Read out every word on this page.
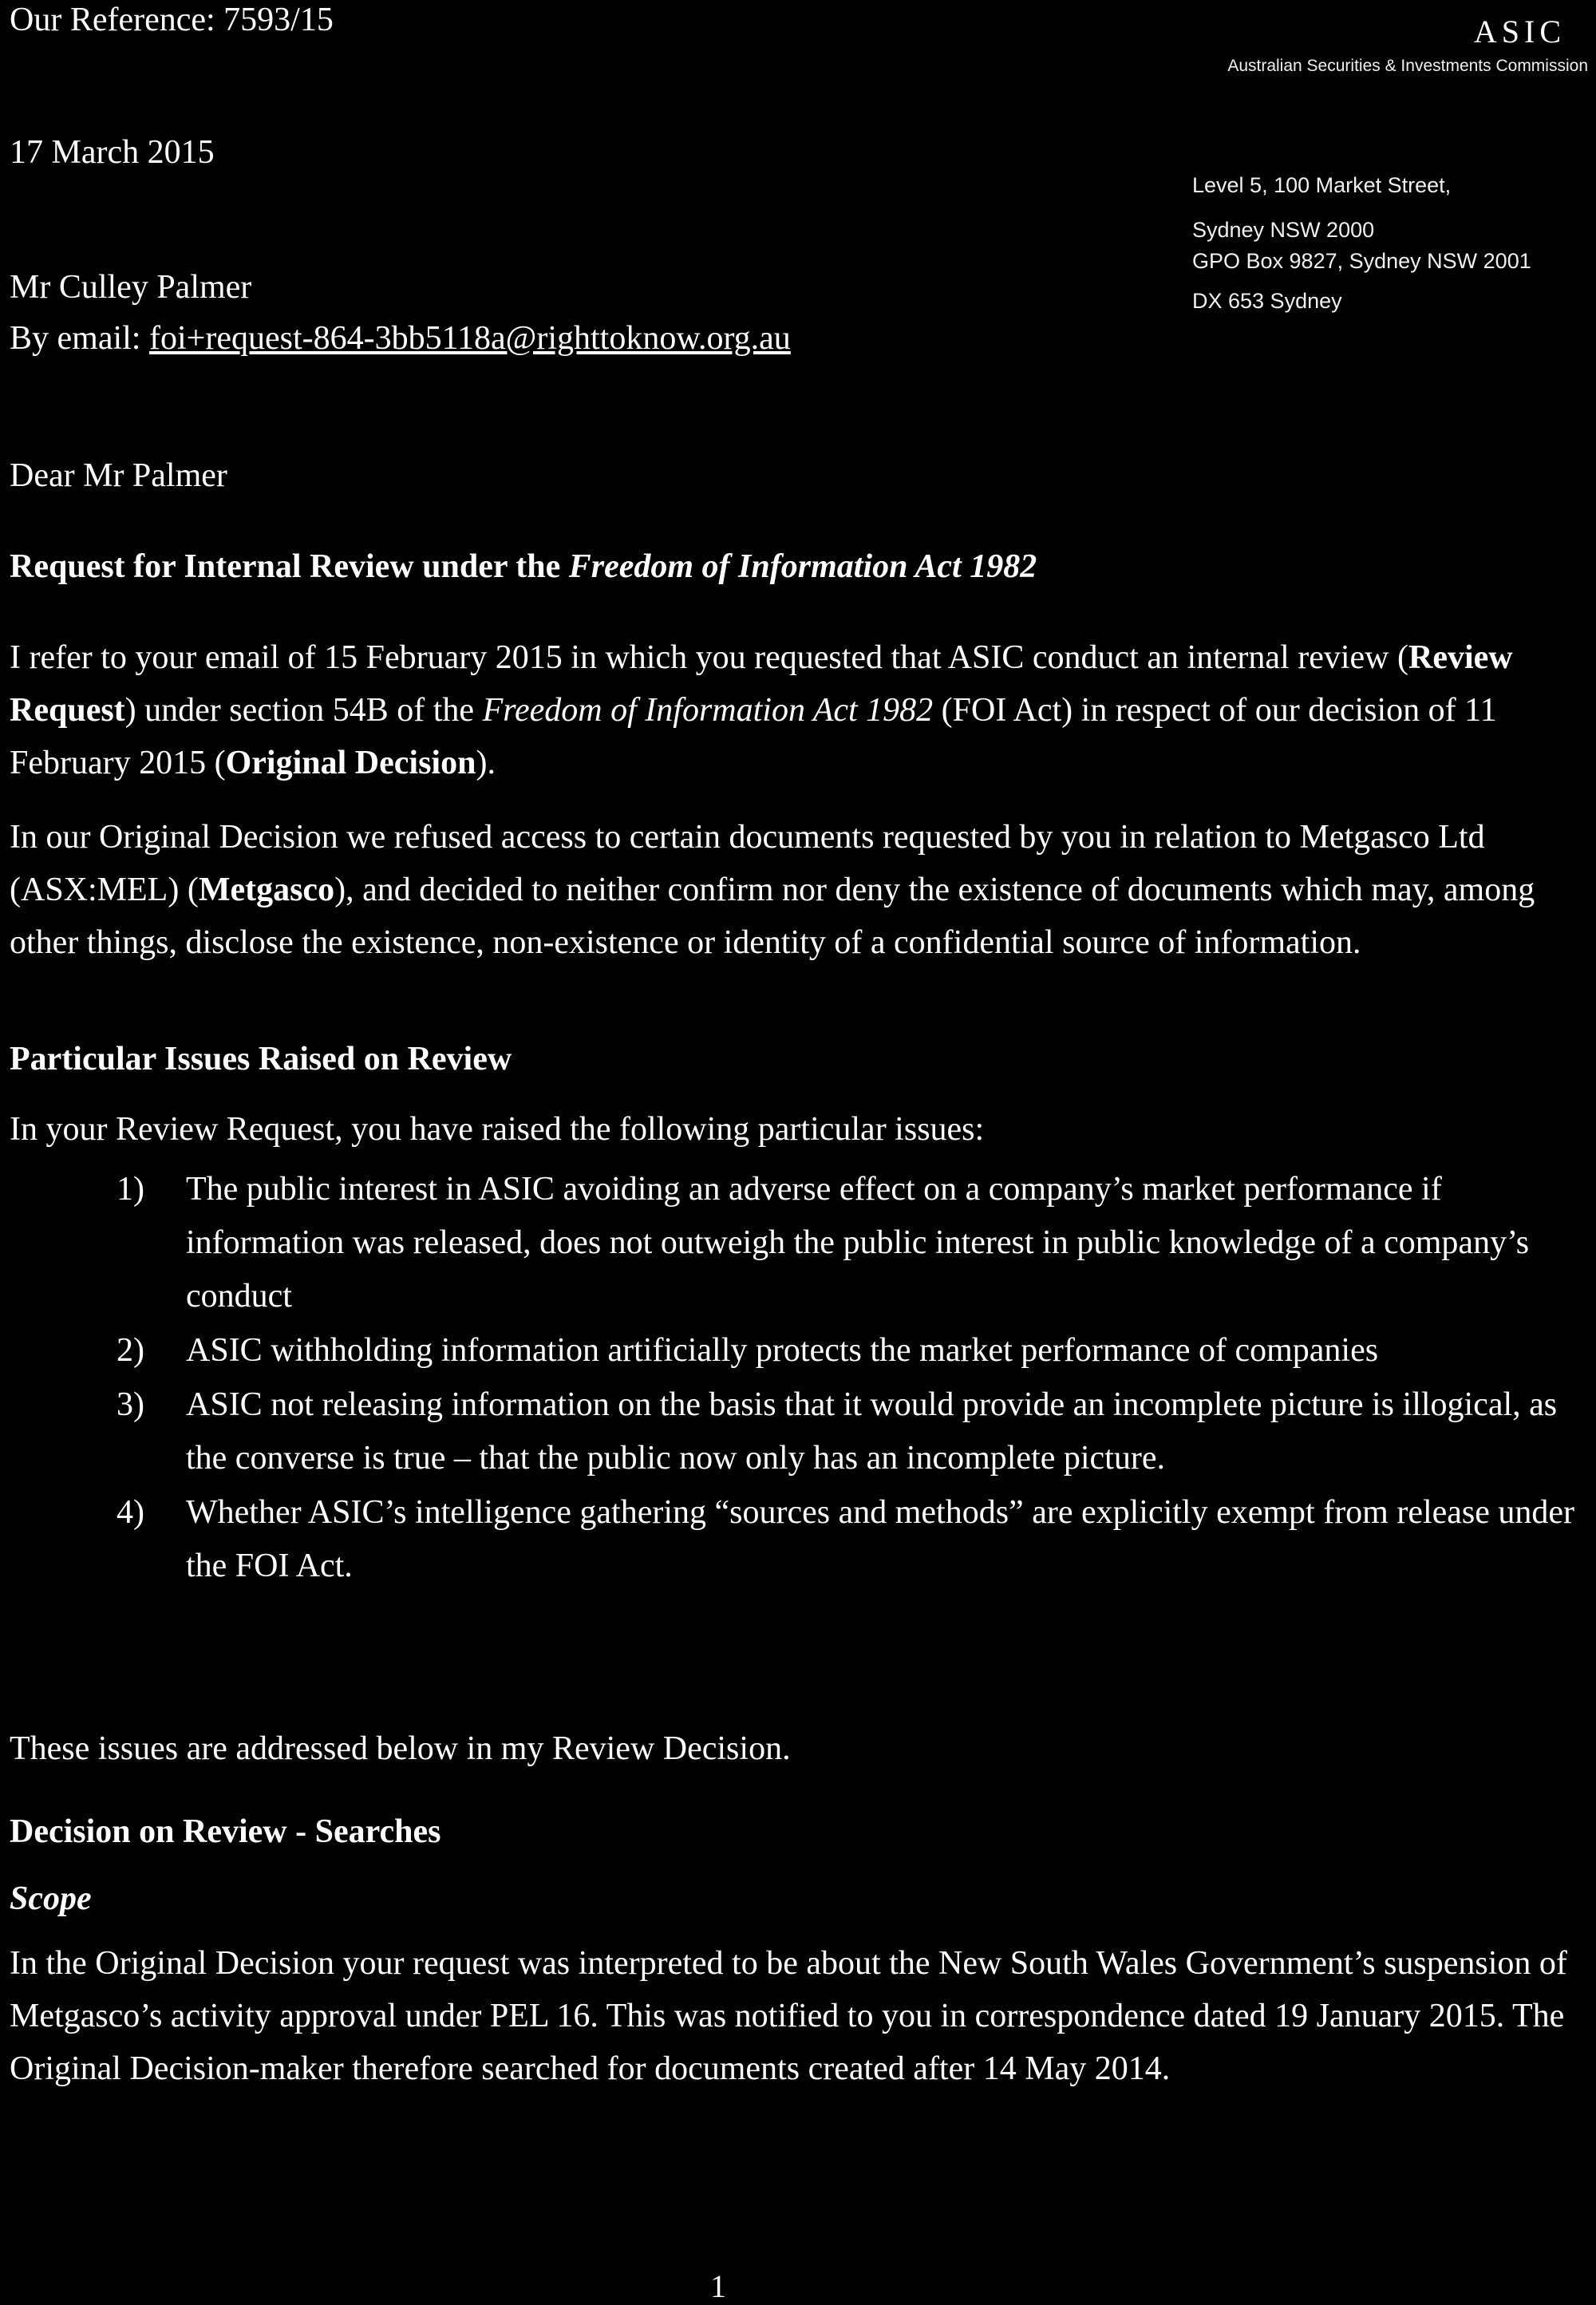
Our Reference: 7593/15	ASIC
Australian Securities & Investments Commission
17 March 2015
Level 5, 100 Market Street,
Sydney NSW 2000
GPO Box 9827, Sydney NSW 2001
DX 653 Sydney
Mr Culley Palmer
By email: foi+request-864-3bb5118a@righttoknow.org.au
Dear Mr Palmer
Request for Internal Review under the Freedom of Information Act 1982

I refer to your email of 15 February 2015 in which you requested that ASIC conduct an internal review (Review Request) under section 54B of the Freedom of Information Act 1982 (FOI Act) in respect of our decision of 11 February 2015 (Original Decision).

In our Original Decision we refused access to certain documents requested by you in relation to Metgasco Ltd (ASX:MEL) (Metgasco), and decided to neither confirm nor deny the existence of documents which may, among other things, disclose the existence, non-existence or identity of a confidential source of information.

Particular Issues Raised on Review
In your Review Request, you have raised the following particular issues:
1) The public interest in ASIC avoiding an adverse effect on a company’s market performance if information was released, does not outweigh the public interest in public knowledge of a company’s conduct
2) ASIC withholding information artificially protects the market performance of companies
3) ASIC not releasing information on the basis that it would provide an incomplete picture is illogical, as the converse is true – that the public now only has an incomplete picture.
4) Whether ASIC’s intelligence gathering “sources and methods” are explicitly exempt from release under the FOI Act.
These issues are addressed below in my Review Decision.
Decision on Review - Searches
Scope

In the Original Decision your request was interpreted to be about the New South Wales Government’s suspension of Metgasco’s activity approval under PEL 16. This was notified to you in correspondence dated 19 January 2015. The Original Decision-maker therefore searched for documents created after 14 May 2014.

1
